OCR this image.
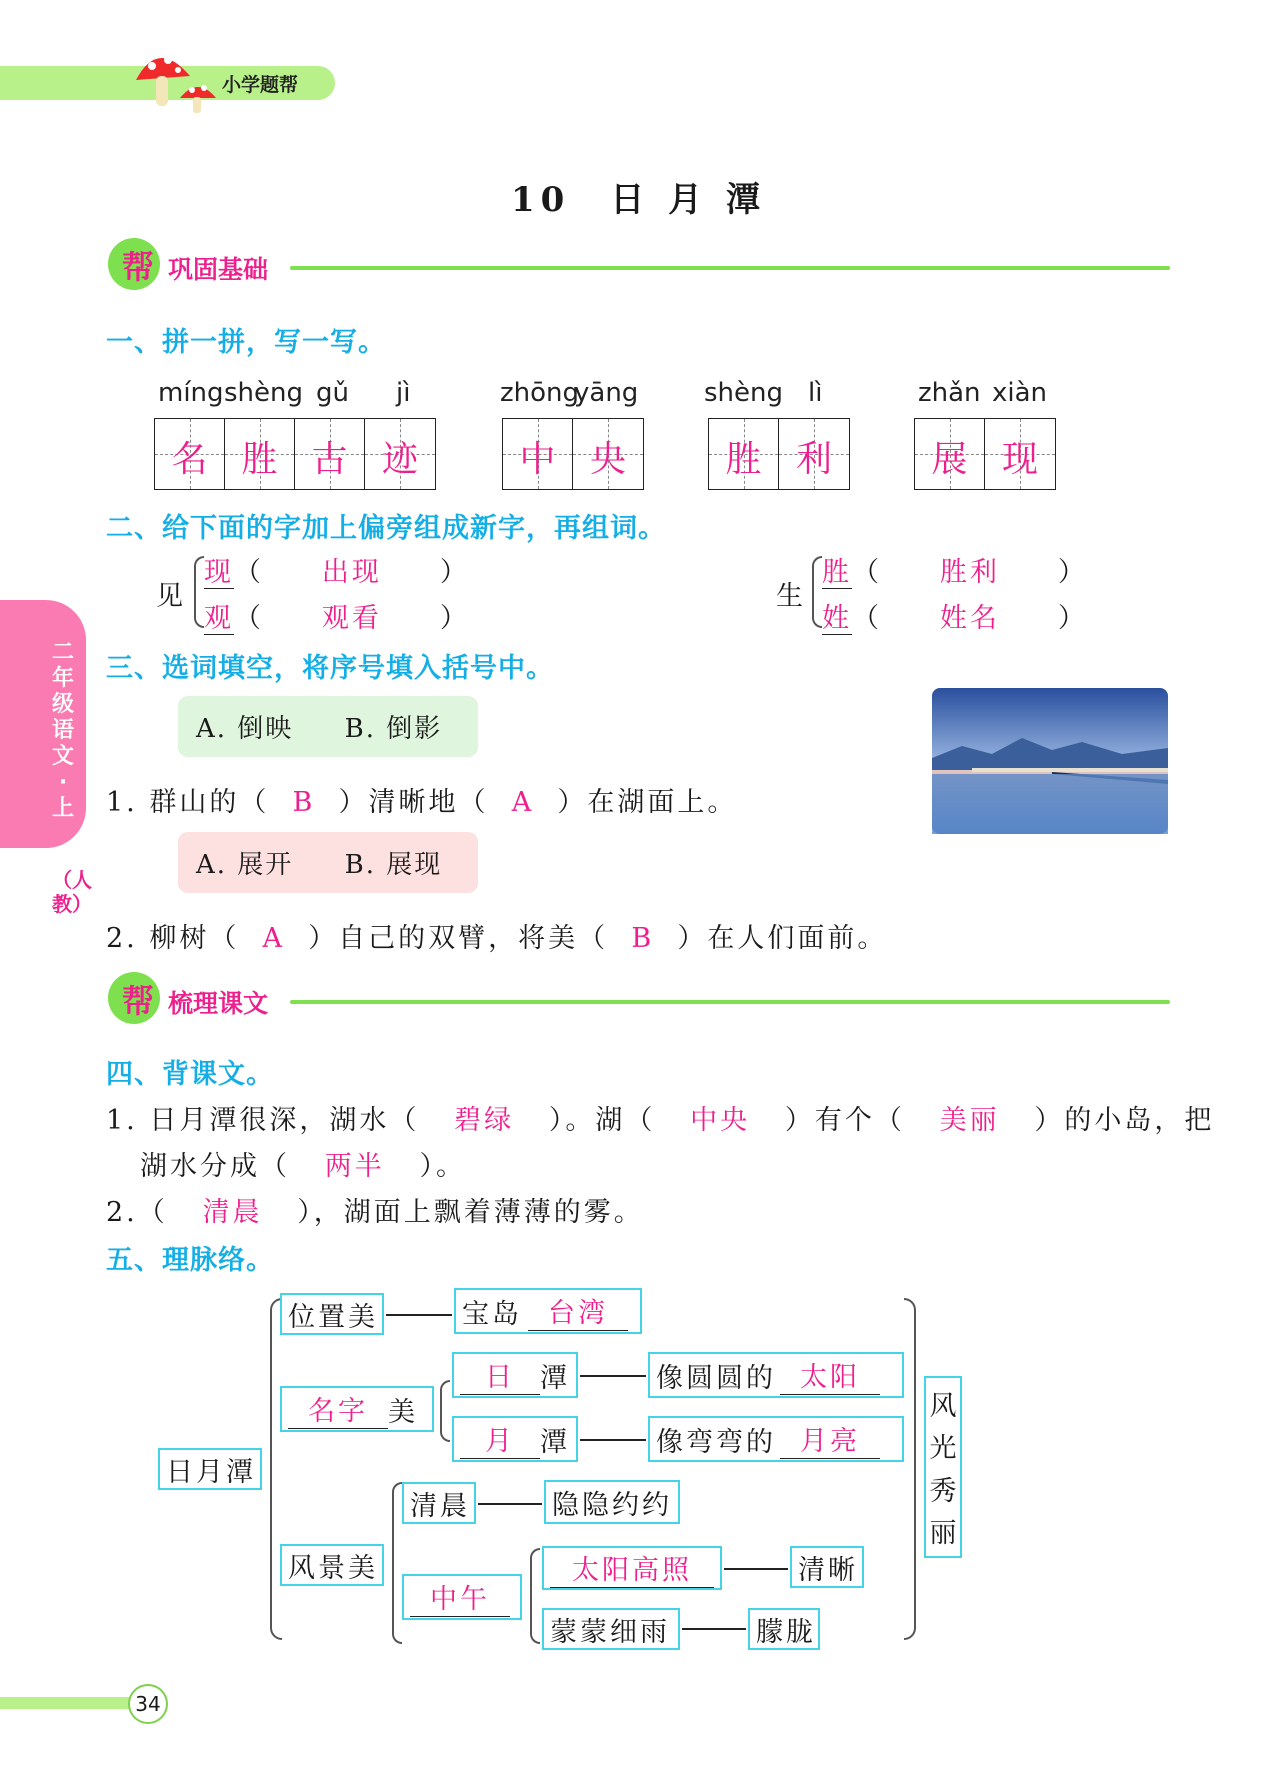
小学题帮
10　日 月 潭
二年级语文·上
（人教）
帮 巩固基础
一、拼一拼，写一写。
míng shèng gǔ jì
名 胜 古 迹
zhōng
yāng
中 央
shèng lì
胜 利
zhǎn xiàn
展 现
二、给下面的字加上偏旁组成新字，再组词。
见
现（     出现     ）
观（     观看     ）
生
胜（     胜利     ）
姓（     姓名     ）
三、选词填空，将序号填入括号中。
A. 倒映 B. 倒影
1. 群山的（ B ）清晰地（ A ）在湖面上。
A. 展开 B. 展现
2. 柳树（ A ）自己的双臂，将美（ B ）在人们面前。
帮 梳理课文
四、背课文。
1. 日月潭很深，湖水（ 碧绿 ）。湖（ 中央 ）有个（ 美丽 ）的小岛，把
湖水分成（ 两半 ）。
2.（ 清晨 ），湖面上飘着薄薄的雾。
五、理脉络。
日月潭
位置美	宝岛 台湾
名字 美
日 潭	像圆圆的 太阳
月 潭	像弯弯的 月亮
风景美
清晨	隐隐约约
中午
太阳高照	清晰
蒙蒙细雨	朦胧
风
光
秀
丽
34
